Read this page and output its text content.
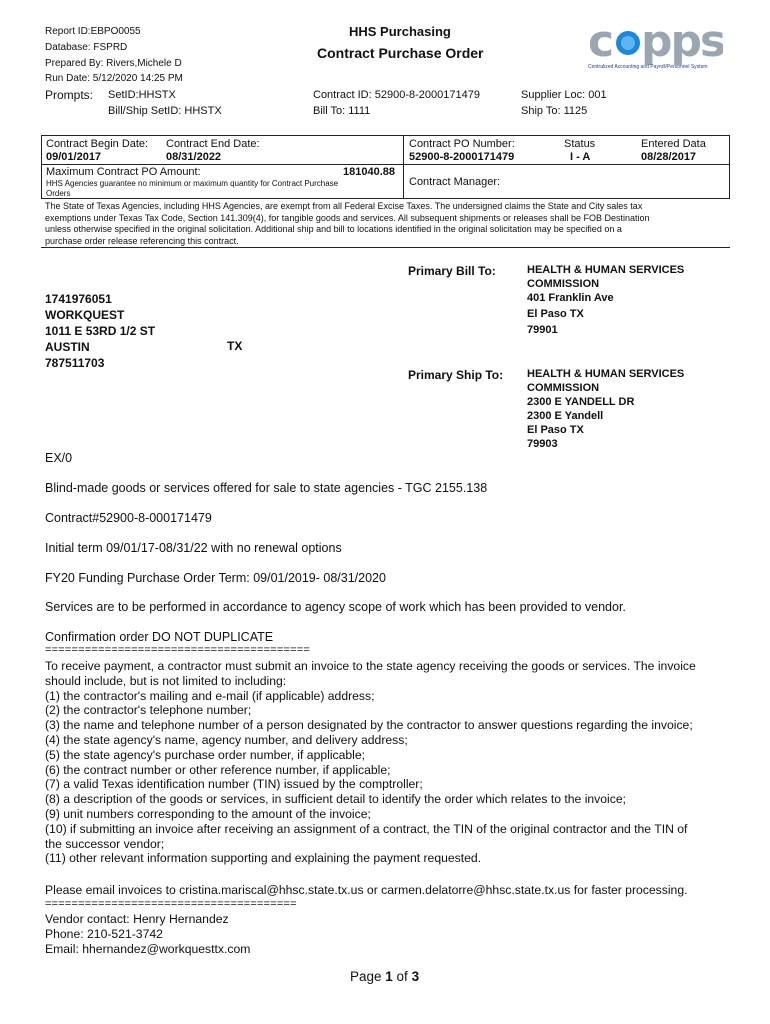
Report ID:EBPO0055
Database: FSPRD
Prepared By: Rivers,Michele D
Run Date: 5/12/2020 14:25 PM
Prompts: SetID:HHSTX
Bill/Ship SetID: HHSTX
HHS Purchasing
Contract Purchase Order c pps
Centralized Accounting and Payroll/Personnel System
Contract ID: 52900-8-2000171479
Bill To: 1111
Supplier Loc: 001
Ship To: 1125
Contract Begin Date:
09/01/2017
Contract End Date:
08/31/2022
Contract PO Number:
52900-8-2000171479
Status
I - A
Entered Data
08/28/2017
Maximum Contract PO Amount:	181040.88
HHS Agencies guarantee no minimum or maximum quantity for Contract Purchase
Orders
Contract Manager:
The State of Texas Agencies, including HHS Agencies, are exempt from all Federal Excise Taxes. The undersigned claims the State and City sales tax
exemptions under Texas Tax Code, Section 141.309(4), for tangible goods and services. All subsequent shipments or releases shall be FOB Destination
unless otherwise specified in the original solicitation. Additional ship and bill to locations identified in the original solicitation may be specified on a
purchase order release referencing this contract.
1741976051
WORKQUEST
1011 E 53RD 1/2 ST
AUSTIN
787511703
TX
Primary Bill To:	HEALTH & HUMAN SERVICES
COMMISSION
401 Franklin Ave
El Paso TX
79901
Primary Ship To: HEALTH & HUMAN SERVICES
COMMISSION
2300 E YANDELL DR
2300 E Yandell
El Paso TX
79903
EX/0
Blind-made goods or services offered for sale to state agencies - TGC 2155.138
Contract#52900-8-000171479
Initial term 09/01/17-08/31/22 with no renewal options
FY20 Funding Purchase Order Term: 09/01/2019- 08/31/2020
Services are to be performed in accordance to agency scope of work which has been provided to vendor.
Confirmation order DO NOT DUPLICATE
========================================
To receive payment, a contractor must submit an invoice to the state agency receiving the goods or services. The invoice
should include, but is not limited to including:
(1) the contractor's mailing and e-mail (if applicable) address;
(2) the contractor's telephone number;
(3) the name and telephone number of a person designated by the contractor to answer questions regarding the invoice;
(4) the state agency's name, agency number, and delivery address;
(5) the state agency's purchase order number, if applicable;
(6) the contract number or other reference number, if applicable;
(7) a valid Texas identification number (TIN) issued by the comptroller;
(8) a description of the goods or services, in sufficient detail to identify the order which relates to the invoice;
(9) unit numbers corresponding to the amount of the invoice;
(10) if submitting an invoice after receiving an assignment of a contract, the TIN of the original contractor and the TIN of
the successor vendor;
(11) other relevant information supporting and explaining the payment requested.
Please email invoices to cristina.mariscal@hhsc.state.tx.us or carmen.delatorre@hhsc.state.tx.us for faster processing.
======================================
Vendor contact: Henry Hernandez
Phone: 210-521-3742
Email: hhernandez@workquesttx.com
Page 1 of 3
